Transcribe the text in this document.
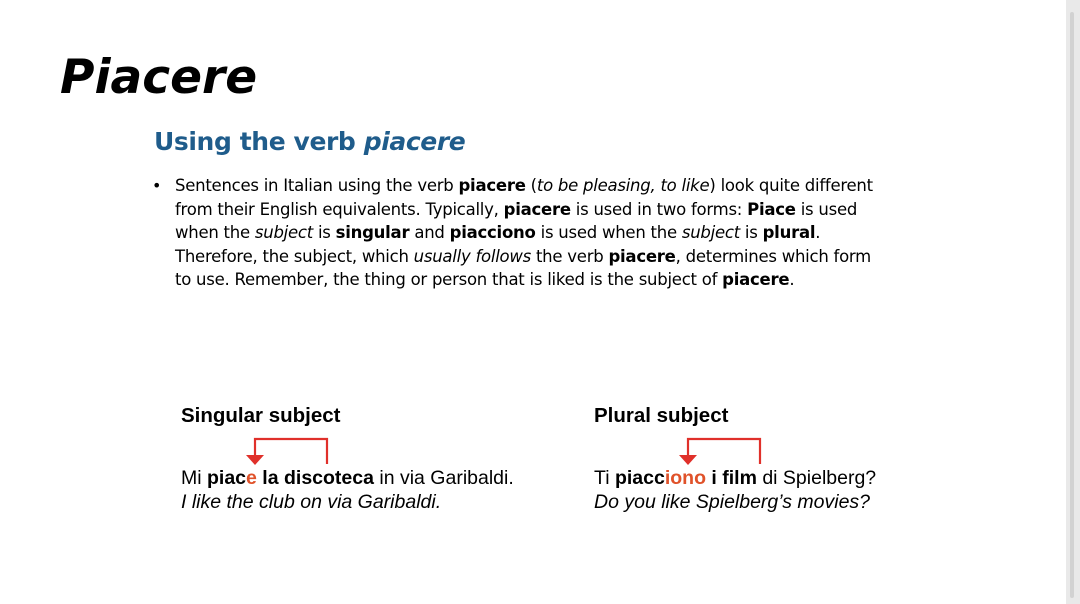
Piacere
Using the verb piacere
• Sentences in Italian using the verb piacere (to be pleasing, to like) look quite different
from their English equivalents. Typically, piacere is used in two forms: Piace is used
when the subject is singular and piacciono is used when the subject is plural.
Therefore, the subject, which usually follows the verb piacere, determines which form
to use. Remember, the thing or person that is liked is the subject of piacere.
Singular subject
Mi piace la discoteca in via Garibaldi.
I like the club on via Garibaldi.
Plural subject
Ti piacciono i film di Spielberg?
Do you like Spielberg’s movies?
